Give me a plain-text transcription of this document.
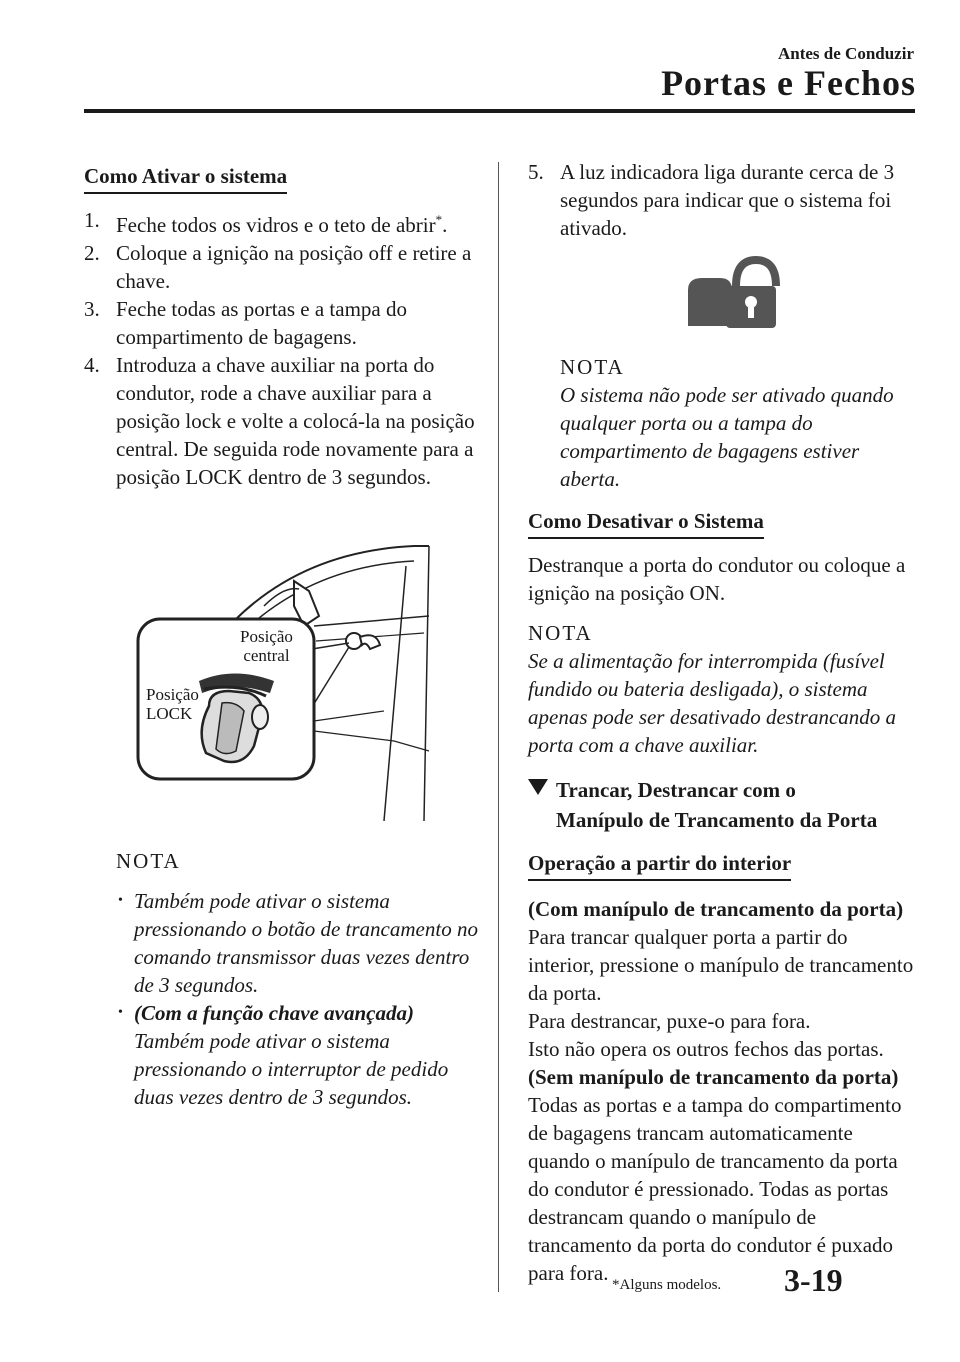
Antes de Conduzir
Portas e Fechos
Como Ativar o sistema
1. Feche todos os vidros e o teto de abrir*.
2. Coloque a ignição na posição off e retire a chave.
3. Feche todas as portas e a tampa do compartimento de bagagens.
4. Introduza a chave auxiliar na porta do condutor, rode a chave auxiliar para a posição lock e volte a colocá-la na posição central. De seguida rode novamente para a posição LOCK dentro de 3 segundos.
Posição
central
Posição
LOCK
NOTA
• Também pode ativar o sistema pressionando o botão de trancamento no comando transmissor duas vezes dentro de 3 segundos.
• (Com a função chave avançada)
Também pode ativar o sistema pressionando o interruptor de pedido duas vezes dentro de 3 segundos.
5. A luz indicadora liga durante cerca de 3 segundos para indicar que o sistema foi ativado.
NOTA
O sistema não pode ser ativado quando qualquer porta ou a tampa do compartimento de bagagens estiver aberta.
Como Desativar o Sistema
Destranque a porta do condutor ou coloque a ignição na posição ON.
NOTA
Se a alimentação for interrompida (fusível fundido ou bateria desligada), o sistema apenas pode ser desativado destrancando a porta com a chave auxiliar.
Trancar, Destrancar com o
Manípulo de Trancamento da Porta
Operação a partir do interior
(Com manípulo de trancamento da porta)
Para trancar qualquer porta a partir do interior, pressione o manípulo de trancamento da porta.
Para destrancar, puxe-o para fora.
Isto não opera os outros fechos das portas.
(Sem manípulo de trancamento da porta)
Todas as portas e a tampa do compartimento de bagagens trancam automaticamente quando o manípulo de trancamento da porta do condutor é pressionado. Todas as portas destrancam quando o manípulo de trancamento da porta do condutor é puxado para fora. *Alguns modelos. 3-19
